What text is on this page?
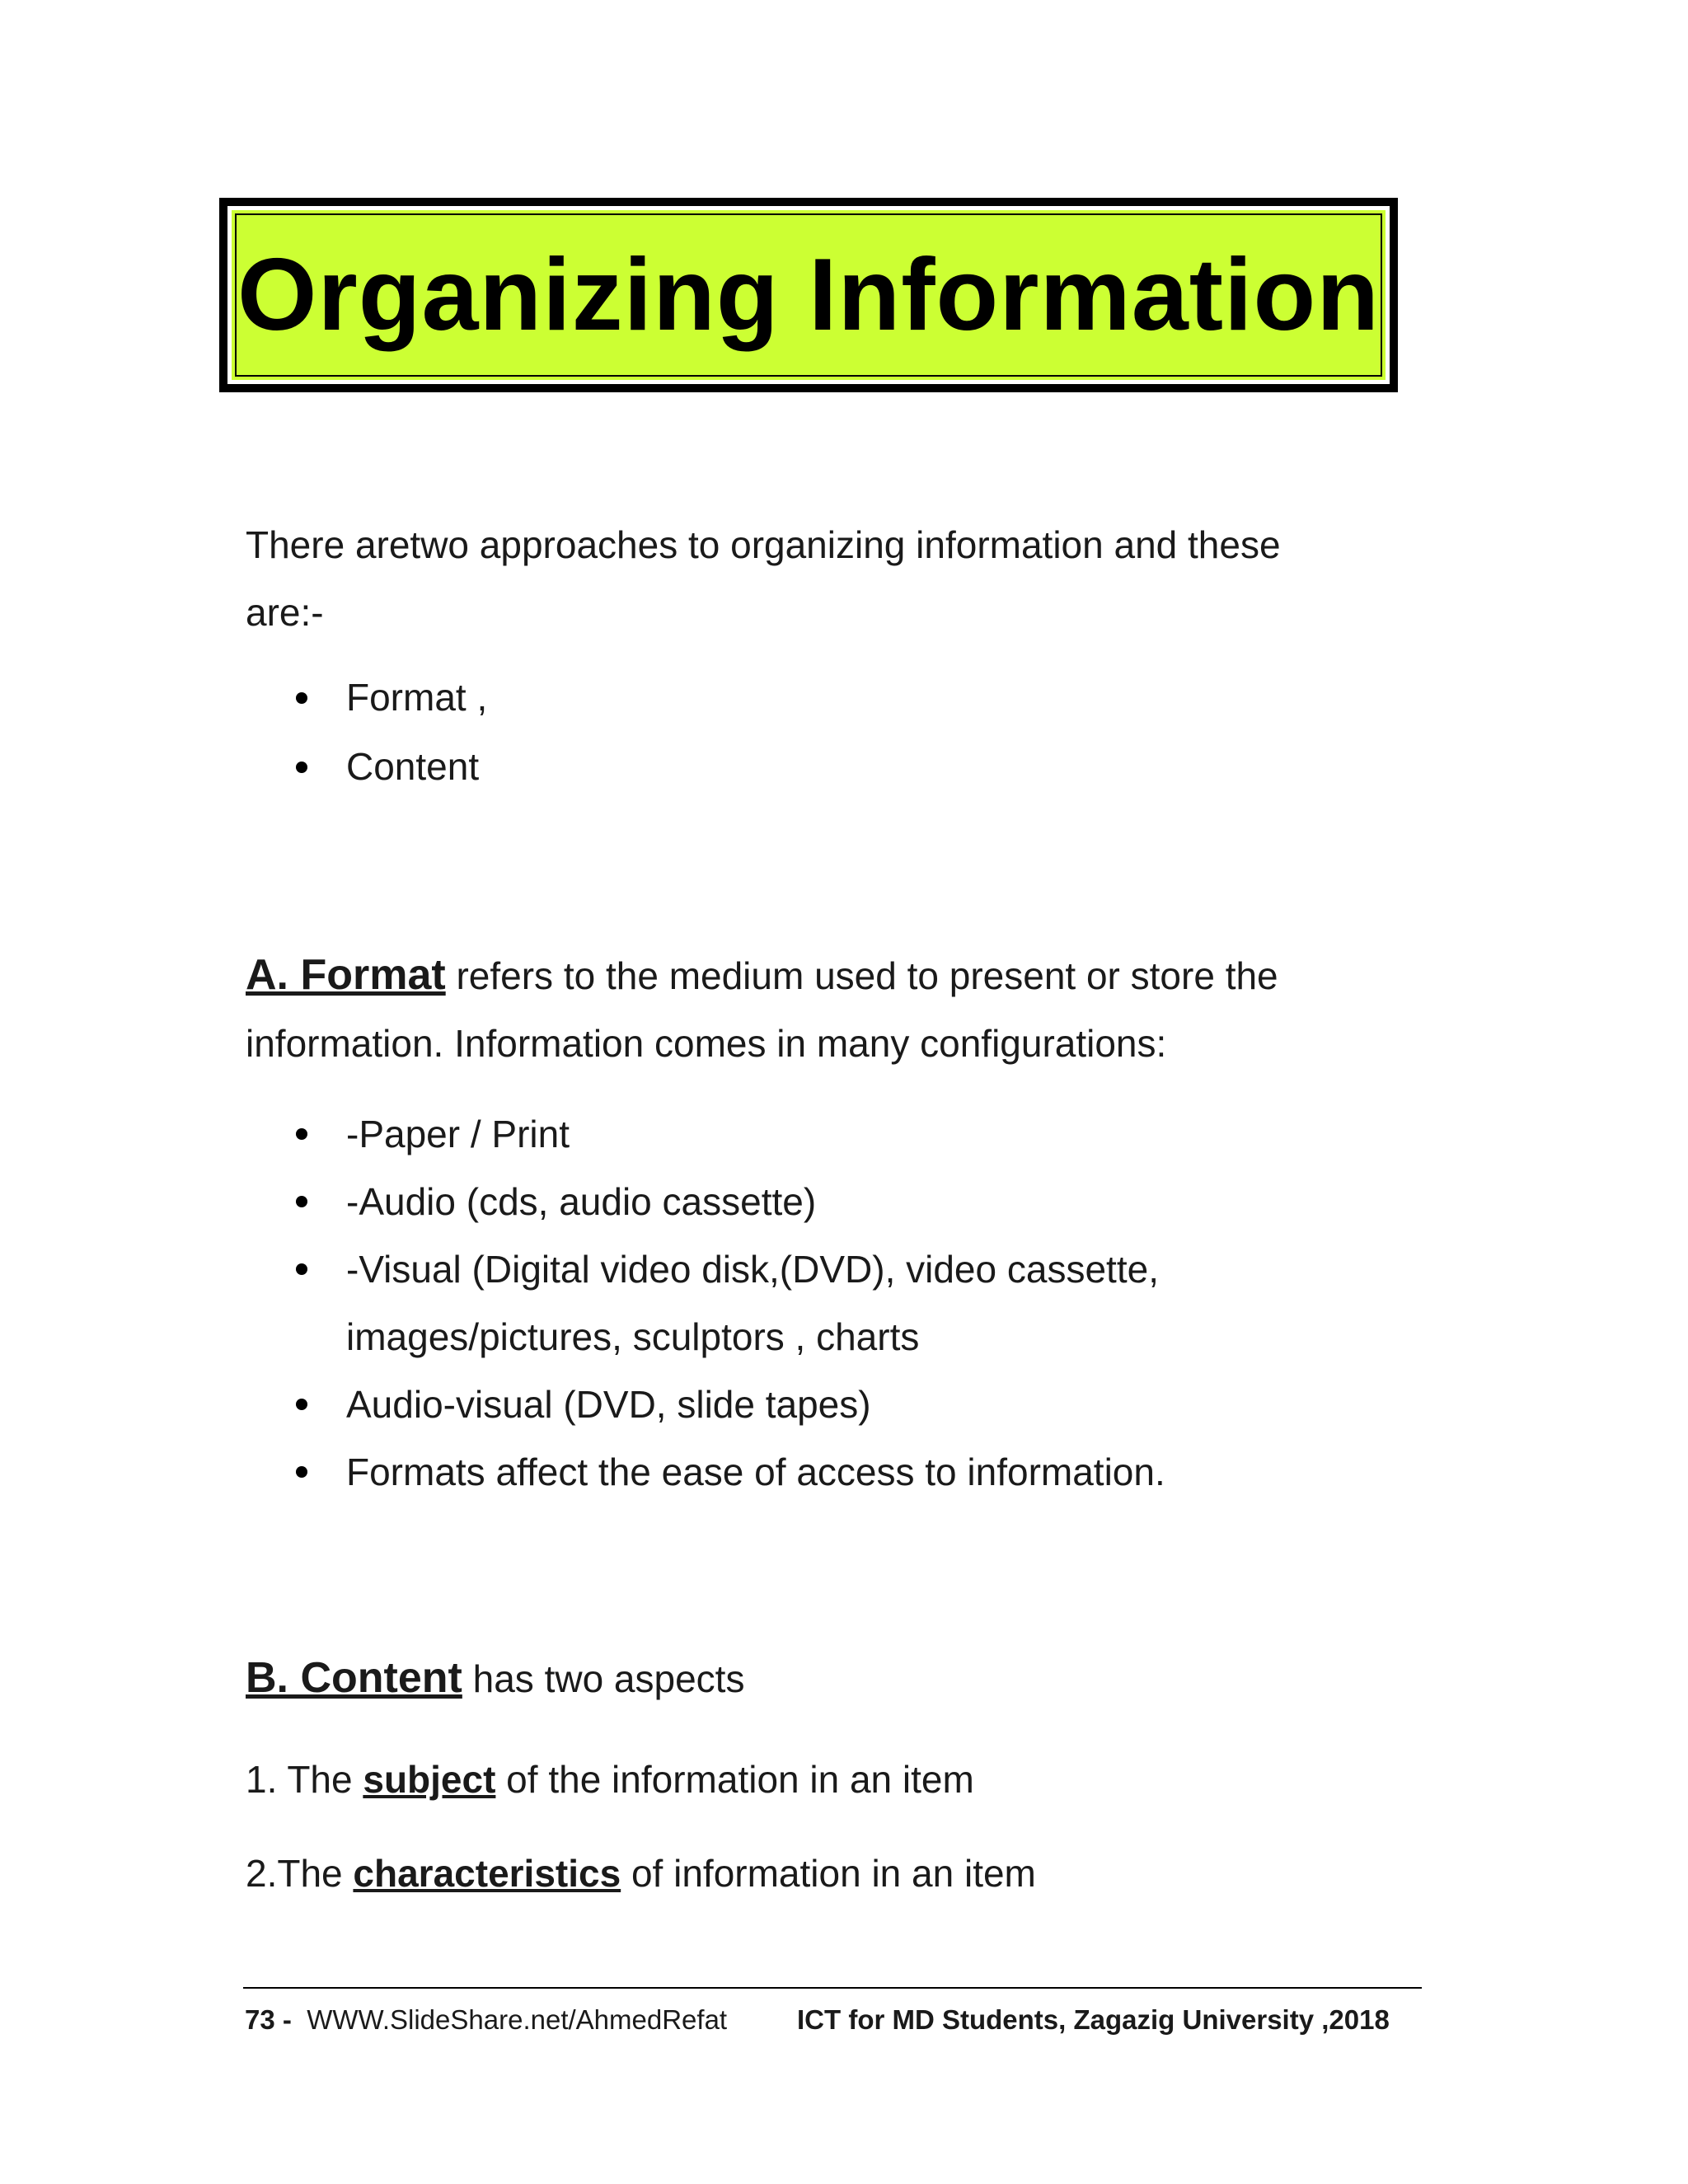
Organizing Information
There aretwo approaches to organizing information and these
are:-
Format ,
Content
A. Format refers to the medium used to present or store the
information. Information comes in many configurations:
-Paper / Print
-Audio (cds, audio cassette)
-Visual (Digital video disk,(DVD), video cassette,
images/pictures, sculptors , charts
Audio-visual (DVD, slide tapes)
Formats affect the ease of access to information.
B. Content has two aspects
1. The subject of the information in an item
2.The characteristics of information in an item
73 - WWW.SlideShare.net/AhmedRefat	ICT for MD Students, Zagazig University ,2018
